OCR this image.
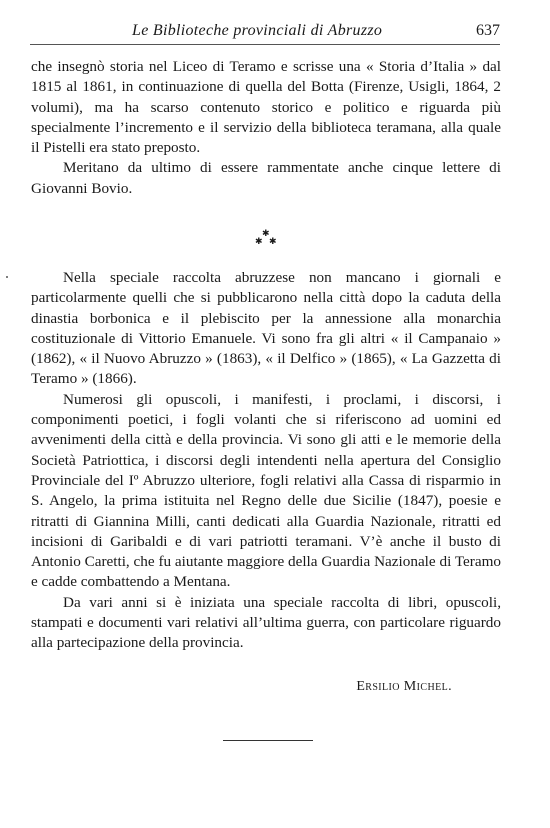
Le Biblioteche provinciali di Abruzzo	637

che insegnò storia nel Liceo di Teramo e scrisse una « Storia d’Italia » dal 1815 al 1861, in continuazione di quella del Botta (Firenze, Usigli, 1864, 2 volumi), ma ha scarso contenuto storico e politico e riguarda più specialmente l’incremento e il servizio della biblioteca teramana, alla quale il Pistelli era stato preposto.

Meritano da ultimo di essere rammentate anche cinque lettere di Giovanni Bovio.

✱
✱ ✱

Nella speciale raccolta abruzzese non mancano i giornali e particolarmente quelli che si pubblicarono nella città dopo la caduta della dinastia borbonica e il plebiscito per la annessione alla monarchia costituzionale di Vittorio Emanuele. Vi sono fra gli altri « il Campanaio » (1862), « il Nuovo Abruzzo » (1863), « il Delfico » (1865), « La Gazzetta di Teramo » (1866).

Numerosi gli opuscoli, i manifesti, i proclami, i discorsi, i componimenti poetici, i fogli volanti che si riferiscono ad uomini ed avvenimenti della città e della provincia. Vi sono gli atti e le memorie della Società Patriottica, i discorsi degli intendenti nella apertura del Consiglio Provinciale del Iº Abruzzo ulteriore, fogli relativi alla Cassa di risparmio in S. Angelo, la prima istituita nel Regno delle due Sicilie (1847), poesie e ritratti di Giannina Milli, canti dedicati alla Guardia Nazionale, ritratti ed incisioni di Garibaldi e di vari patriotti teramani. V’è anche il busto di Antonio Caretti, che fu aiutante maggiore della Guardia Nazionale di Teramo e cadde combattendo a Mentana.

Da vari anni si è iniziata una speciale raccolta di libri, opuscoli, stampati e documenti vari relativi all’ultima guerra, con particolare riguardo alla partecipazione della provincia.

Ersilio Michel.
